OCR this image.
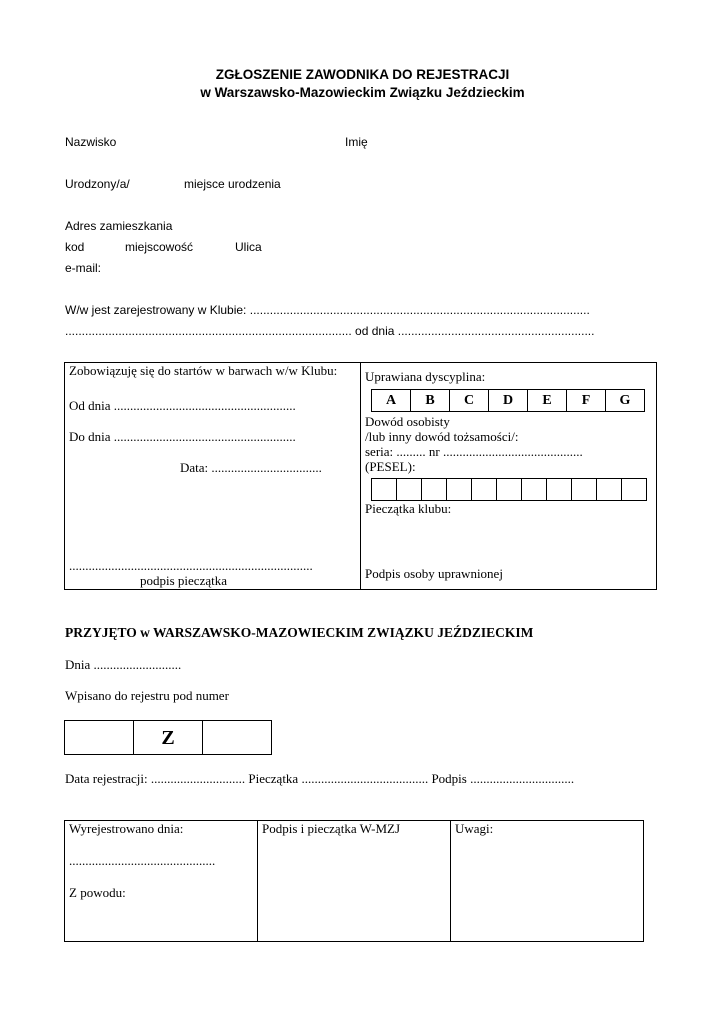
ZGŁOSZENIE ZAWODNIKA DO REJESTRACJI
w Warszawsko-Mazowieckim Związku Jeździeckim
Nazwisko	Imię
Urodzony/a/	miejsce urodzenia
Adres zamieszkania
kod	miejscowość	Ulica
e-mail:
W/w jest zarejestrowany w Klubie: ......................................................................................................
...................................................................................... od dnia ...........................................................
Zobowiązuję się do startów w barwach w/w Klubu:
Od dnia ........................................................
Do dnia ........................................................
Data: ..................................
...........................................................................
podpis pieczątka
Uprawiana dyscyplina:
A	B	C	D	E	F	G
Dowód osobisty
/lub inny dowód tożsamości/:
seria: ......... nr ...........................................
(PESEL):
Pieczątka klubu:
Podpis osoby uprawnionej
PRZYJĘTO w WARSZAWSKO-MAZOWIECKIM ZWIĄZKU JEŹDZIECKIM
Dnia ...........................
Wpisano do rejestru pod numer
Z
Data rejestracji: ............................. Pieczątka ....................................... Podpis ................................
Wyrejestrowano dnia:
.............................................
Z powodu:
Podpis i pieczątka W-MZJ	Uwagi:
